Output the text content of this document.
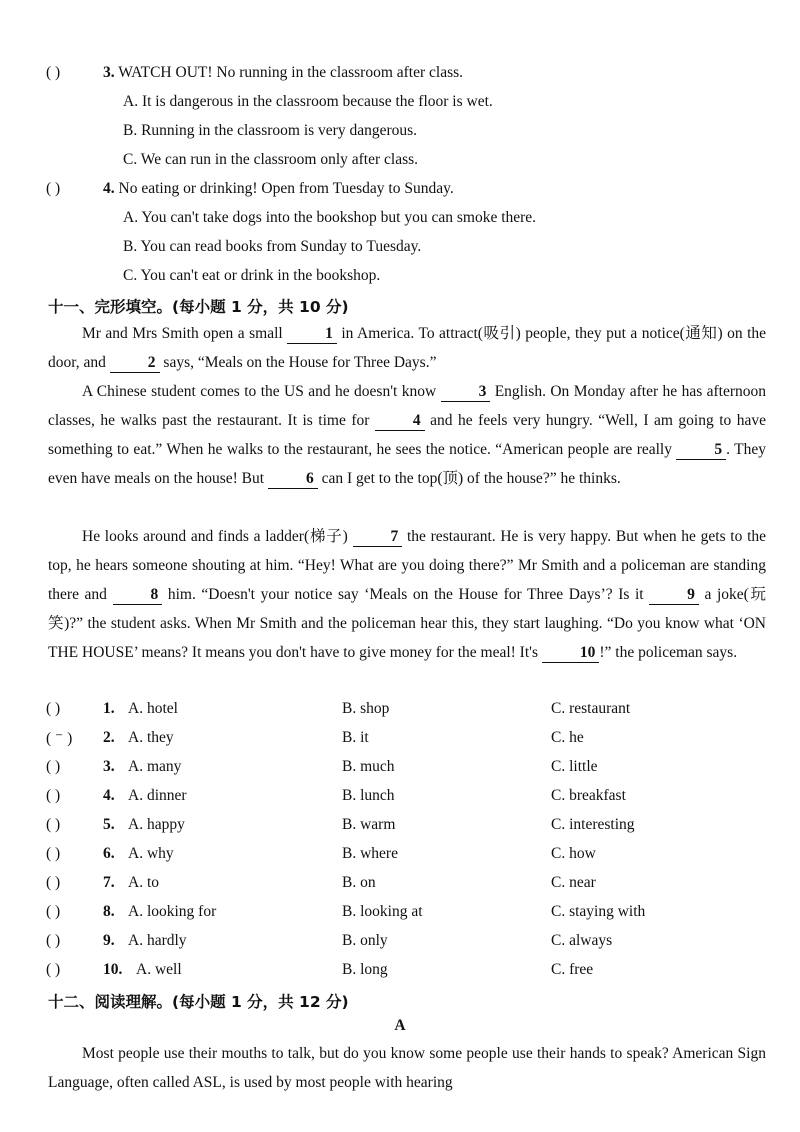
( )	3. WATCH OUT! No running in the classroom after class.
A. It is dangerous in the classroom because the floor is wet.
B. Running in the classroom is very dangerous.
C. We can run in the classroom only after class.
( )	4. No eating or drinking! Open from Tuesday to Sunday.
A. You can't take dogs into the bookshop but you can smoke there.
B. You can read books from Sunday to Tuesday.
C. You can't eat or drink in the bookshop.
十一、完形填空。(每小题 1 分，共 10 分)
Mr and Mrs Smith open a small	1 in America. To attract(吸引) people, they put a notice(通知) on the door, and	2 says, “Meals on the House for Three Days.”
A Chinese student comes to the US and he doesn't know	3 English. On Monday after he has afternoon classes, he walks past the restaurant. It is time for	4 and he feels very hungry. “Well, I am going to have something to eat.” When he walks to the restaurant, he sees the notice. “American people are really	5 . They even have meals on the house! But	6 can I get to the top(顶) of the house?” he thinks.
He looks around and finds a ladder(梯子)	7 the restaurant. He is very happy. But when he gets to the top, he hears someone shouting at him. “Hey! What are you doing there?” Mr Smith and a policeman are standing there and	8 him. “Doesn't your notice say ‘Meals on the House for Three Days’? Is it	9 a joke(玩笑)?” the student asks. When Mr Smith and the policeman hear this, they start laughing. “Do you know what ‘ON THE HOUSE’ means? It means you don't have to give money for the meal! It's	10 !” the policeman says.
( )	1. A. hotel	B. shop	C. restaurant
( ⁻ ) 2. A. they	B. it	C. he
( )	3. A. many	B. much	C. little
( )	4. A. dinner	B. lunch	C. breakfast
( )	5. A. happy	B. warm	C. interesting
( )	6. A. why	B. where	C. how
( )	7. A. to	B. on	C. near
( )	8. A. looking for	B. looking at	C. staying with
( )	9. A. hardly	B. only	C. always
( )	10. A. well	B. long	C. free
十二、阅读理解。(每小题 1 分，共 12 分)
A
Most people use their mouths to talk, but do you know some people use their hands to speak? American Sign Language, often called ASL, is used by most people with hearing
